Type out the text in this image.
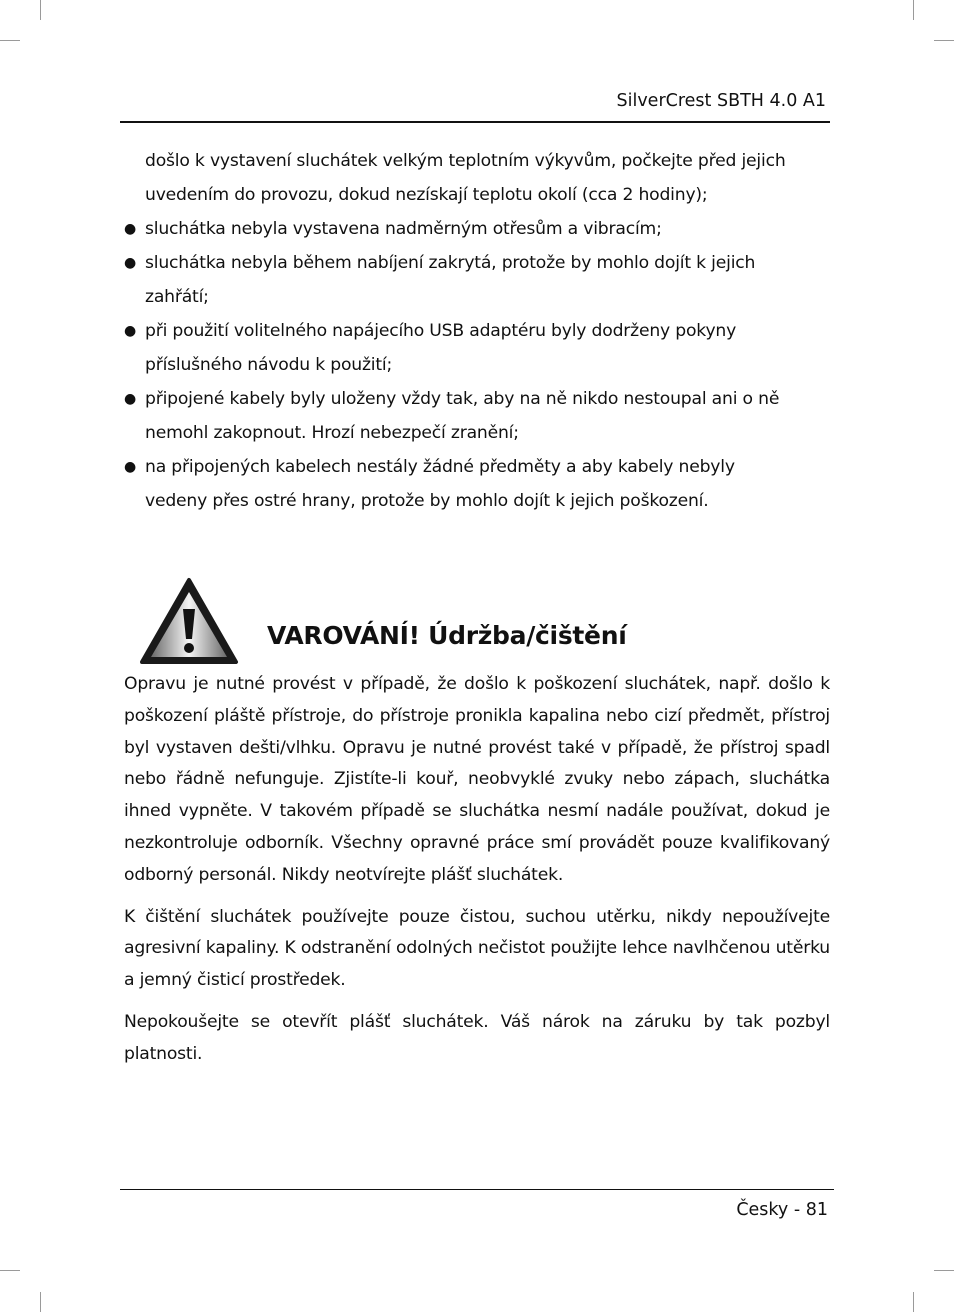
SilverCrest SBTH 4.0 A1

došlo k vystavení sluchátek velkým teplotním výkyvům, počkejte před jejich

uvedením do provozu, dokud nezískají teplotu okolí (cca 2 hodiny);

● sluchátka nebyla vystavena nadměrným otřesům a vibracím;
● sluchátka nebyla během nabíjení zakrytá, protože by mohlo dojít k jejich
zahřátí;
● při použití volitelného napájecího USB adaptéru byly dodrženy pokyny
příslušného návodu k použití;
● připojené kabely byly uloženy vždy tak, aby na ně nikdo nestoupal ani o ně
nemohl zakopnout. Hrozí nebezpečí zranění;
● na připojených kabelech nestály žádné předměty a aby kabely nebyly
vedeny přes ostré hrany, protože by mohlo dojít k jejich poškození.
VAROVÁNÍ! Údržba/čištění

Opravu je nutné provést v případě, že došlo k poškození sluchátek, např. došlo k poškození pláště přístroje, do přístroje pronikla kapalina nebo cizí předmět, přístroj byl vystaven dešti/vlhku. Opravu je nutné provést také v případě, že přístroj spadl nebo řádně nefunguje. Zjistíte-li kouř, neobvyklé zvuky nebo zápach, sluchátka ihned vypněte. V takovém případě se sluchátka nesmí nadále používat, dokud je nezkontroluje odborník. Všechny opravné práce smí provádět pouze kvalifikovaný odborný personál. Nikdy neotvírejte plášť sluchátek.

K čištění sluchátek používejte pouze čistou, suchou utěrku, nikdy nepoužívejte agresivní kapaliny. K odstranění odolných nečistot použijte lehce navlhčenou utěrku a jemný čisticí prostředek.

Nepokoušejte se otevřít plášť sluchátek. Váš nárok na záruku by tak pozbyl platnosti.

Česky - 81
